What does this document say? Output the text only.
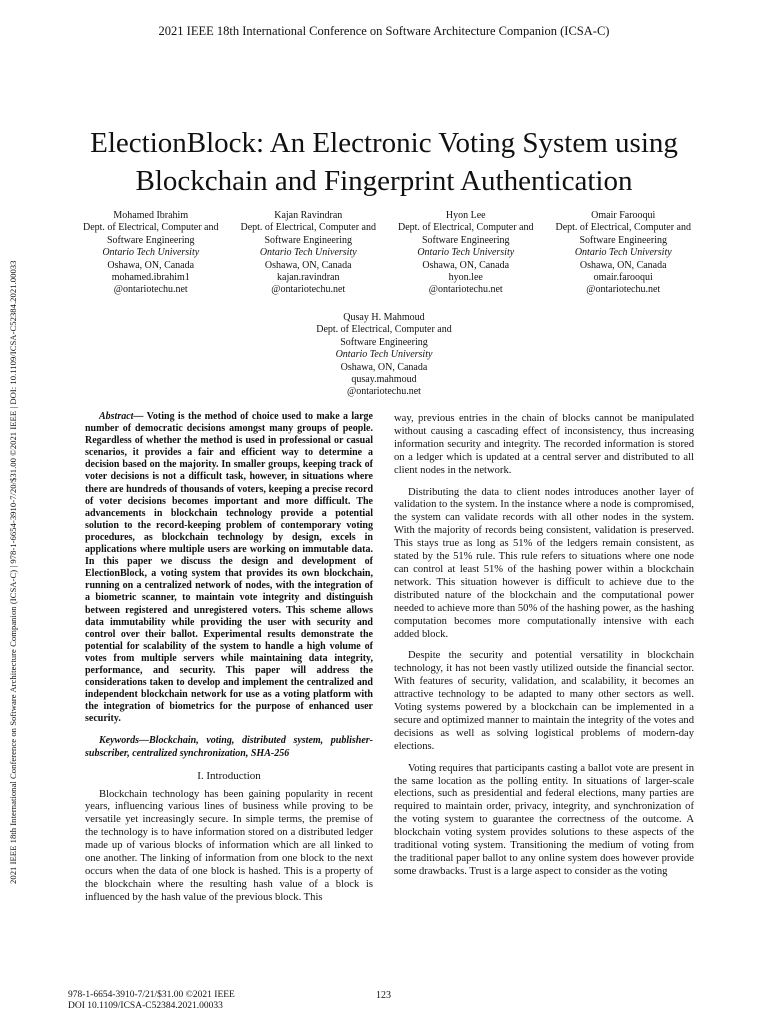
2021 IEEE 18th International Conference on Software Architecture Companion (ICSA-C)
2021 IEEE 18th International Conference on Software Architecture Companion (ICSA-C) | 978-1-6654-3910-7/20/$31.00 ©2021 IEEE | DOI: 10.1109/ICSA-C52384.2021.00033
ElectionBlock: An Electronic Voting System using
Blockchain and Fingerprint Authentication
Mohamed Ibrahim
Dept. of Electrical, Computer and
Software Engineering
Ontario Tech University
Oshawa, ON, Canada
mohamed.ibrahim1
@ontariotechu.net
Kajan Ravindran
Dept. of Electrical, Computer and
Software Engineering
Ontario Tech University
Oshawa, ON, Canada
kajan.ravindran
@ontariotechu.net
Hyon Lee
Dept. of Electrical, Computer and
Software Engineering
Ontario Tech University
Oshawa, ON, Canada
hyon.lee
@ontariotechu.net
Omair Farooqui
Dept. of Electrical, Computer and
Software Engineering
Ontario Tech University
Oshawa, ON, Canada
omair.farooqui
@ontariotechu.net
Qusay H. Mahmoud
Dept. of Electrical, Computer and
Software Engineering
Ontario Tech University
Oshawa, ON, Canada
qusay.mahmoud
@ontariotechu.net

Abstract— Voting is the method of choice used to make a large number of democratic decisions amongst many groups of people. Regardless of whether the method is used in professional or casual scenarios, it provides a fair and efficient way to determine a decision based on the majority. In smaller groups, keeping track of voter decisions is not a difficult task, however, in situations where there are hundreds of thousands of voters, keeping a precise record of voter decisions becomes important and more difficult. The advancements in blockchain technology provide a potential solution to the record-keeping problem of contemporary voting procedures, as blockchain technology by design, excels in applications where multiple users are working on immutable data. In this paper we discuss the design and development of ElectionBlock, a voting system that provides its own blockchain, running on a centralized network of nodes, with the integration of a biometric scanner, to maintain vote integrity and distinguish between registered and unregistered voters. This scheme allows data immutability while providing the user with security and control over their ballot. Experimental results demonstrate the potential for scalability of the system to handle a high volume of votes from multiple servers while maintaining data integrity, performance, and security. This paper will address the considerations taken to develop and implement the centralized and independent blockchain network for use as a voting platform with the integration of biometrics for the purpose of enhanced user security.

Keywords—Blockchain, voting, distributed system, publisher-subscriber, centralized synchronization, SHA-256

I. Introduction

Blockchain technology has been gaining popularity in recent years, influencing various lines of business while proving to be versatile yet increasingly secure. In simple terms, the premise of the technology is to have information stored on a distributed ledger made up of various blocks of information which are all linked to one another. The linking of information from one block to the next occurs when the data of one block is hashed. This is a property of the blockchain where the resulting hash value of a block is influenced by the hash value of the previous block. This

way, previous entries in the chain of blocks cannot be manipulated without causing a cascading effect of inconsistency, thus increasing information security and integrity. The recorded information is stored on a ledger which is updated at a central server and distributed to all client nodes in the network.

Distributing the data to client nodes introduces another layer of validation to the system. In the instance where a node is compromised, the system can validate records with all other nodes in the system. With the majority of records being consistent, validation is preserved. This stays true as long as 51% of the ledgers remain consistent, as stated by the 51% rule. This rule refers to situations where one node can control at least 51% of the hashing power within a blockchain network. This situation however is difficult to achieve due to the distributed nature of the blockchain and the computational power needed to achieve more than 50% of the hashing power, as the hashing computation becomes more computationally intensive with each added block.

Despite the security and potential versatility in blockchain technology, it has not been vastly utilized outside the financial sector. With features of security, validation, and scalability, it becomes an attractive technology to be adapted to many other sectors as well. Voting systems powered by a blockchain can be implemented in a secure and optimized manner to maintain the integrity of the votes and decisions as well as solving logistical problems of modern-day elections.

Voting requires that participants casting a ballot vote are present in the same location as the polling entity. In situations of larger-scale elections, such as presidential and federal elections, many parties are required to maintain order, privacy, integrity, and synchronization of the voting system to guarantee the correctness of the outcome. A blockchain voting system provides solutions to these aspects of the traditional voting system. Transitioning the medium of voting from the traditional paper ballot to any online system does however provide some drawbacks. Trust is a large aspect to consider as the voting

978-1-6654-3910-7/21/$31.00 ©2021 IEEE
DOI 10.1109/ICSA-C52384.2021.00033
123
